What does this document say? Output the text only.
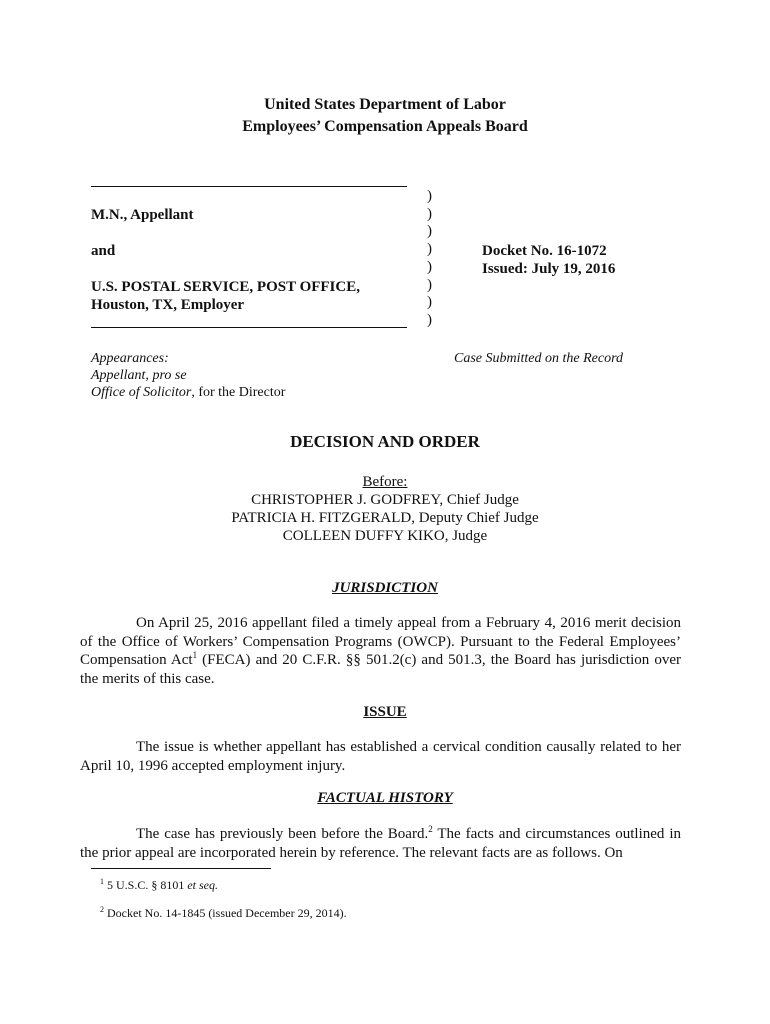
United States Department of Labor
Employees’ Compensation Appeals Board
M.N., Appellant
and
U.S. POSTAL SERVICE, POST OFFICE,
Houston, TX, Employer
)
)
)
)
)
)
)
)
Docket No. 16-1072
Issued: July 19, 2016
Appearances:
Appellant, pro se
Office of Solicitor, for the Director
Case Submitted on the Record
DECISION AND ORDER
Before:
CHRISTOPHER J. GODFREY, Chief Judge
PATRICIA H. FITZGERALD, Deputy Chief Judge
COLLEEN DUFFY KIKO, Judge
JURISDICTION
On April 25, 2016 appellant filed a timely appeal from a February 4, 2016 merit decision of the Office of Workers’ Compensation Programs (OWCP). Pursuant to the Federal Employees’ Compensation Act$^1$ (FECA) and 20 C.F.R. §§ 501.2(c) and 501.3, the Board has jurisdiction over the merits of this case.
ISSUE
The issue is whether appellant has established a cervical condition causally related to her April 10, 1996 accepted employment injury.
FACTUAL HISTORY
The case has previously been before the Board.$^2$ The facts and circumstances outlined in the prior appeal are incorporated herein by reference. The relevant facts are as follows. On
$^1$ 5 U.S.C. § 8101 et seq.
$^2$ Docket No. 14-1845 (issued December 29, 2014).
